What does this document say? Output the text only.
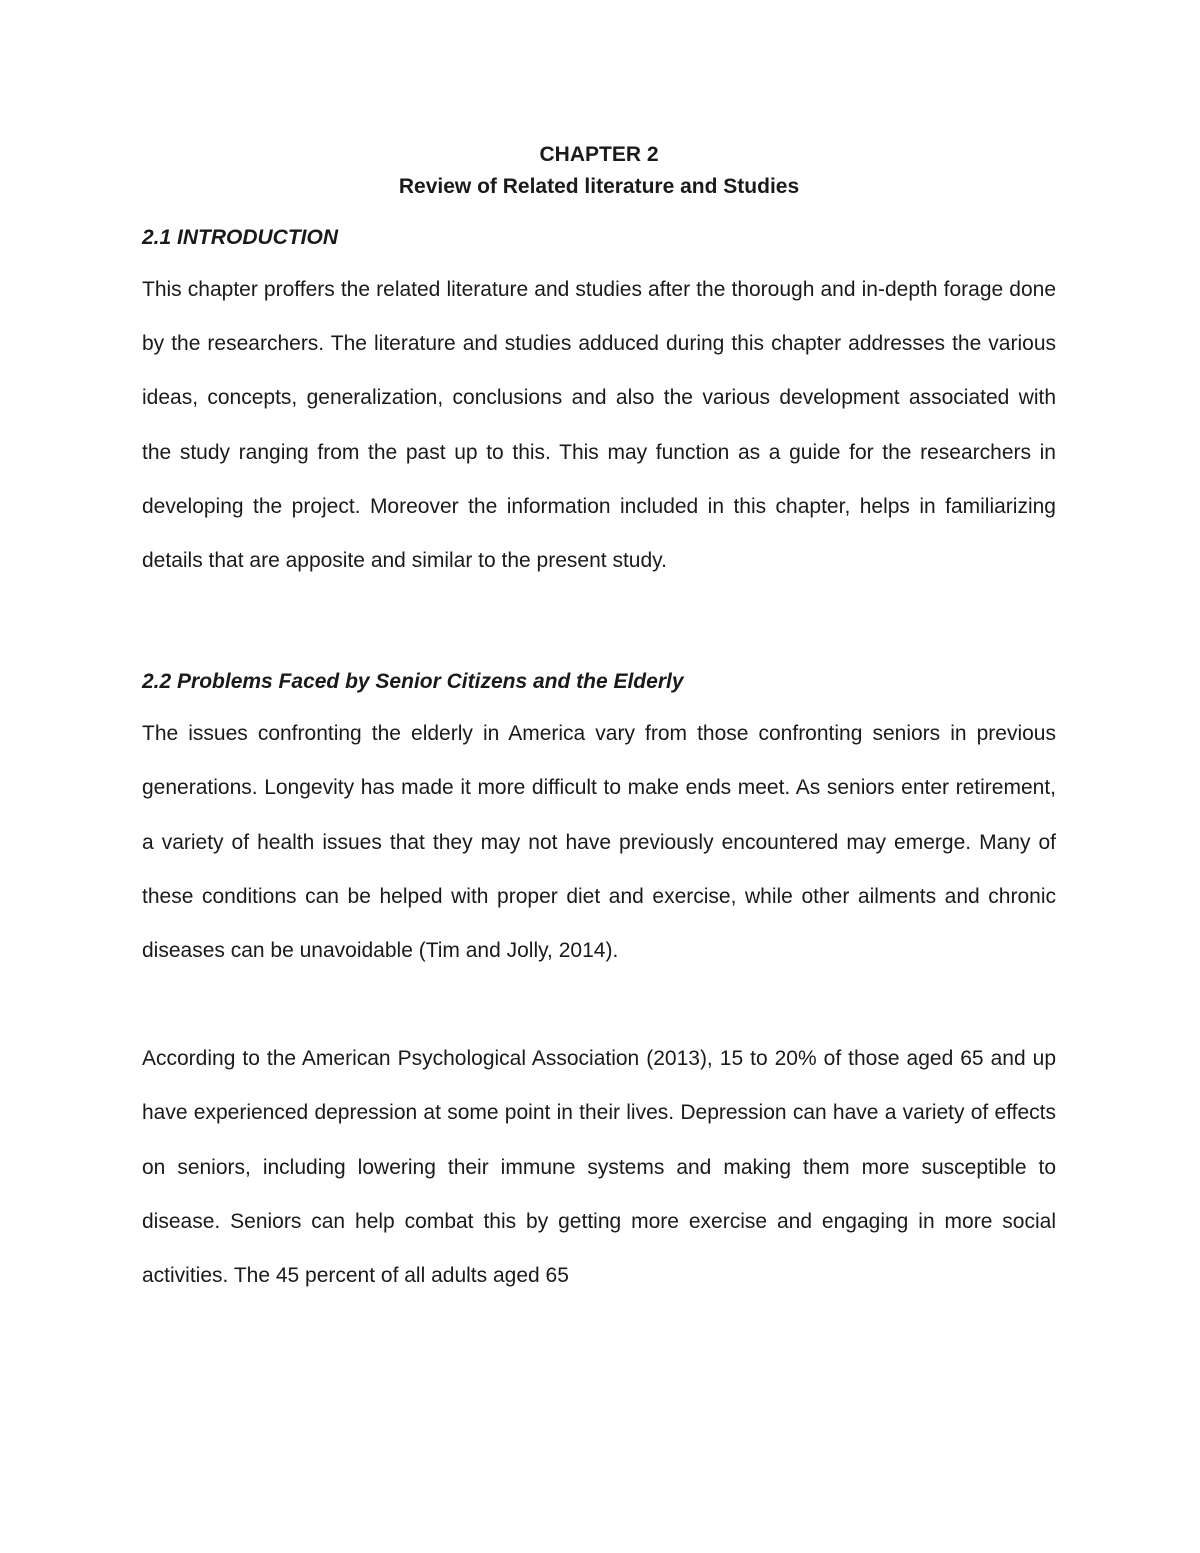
CHAPTER 2
Review of Related literature and Studies
2.1 INTRODUCTION

This chapter proffers the related literature and studies after the thorough and in-depth forage done by the researchers. The literature and studies adduced during this chapter addresses the various ideas, concepts, generalization, conclusions and also the various development associated with the study ranging from the past up to this. This may function as a guide for the researchers in developing the project. Moreover the information included in this chapter, helps in familiarizing details that are apposite and similar to the present study.

2.2 Problems Faced by Senior Citizens and the Elderly

The issues confronting the elderly in America vary from those confronting seniors in previous generations. Longevity has made it more difficult to make ends meet. As seniors enter retirement, a variety of health issues that they may not have previously encountered may emerge. Many of these conditions can be helped with proper diet and exercise, while other ailments and chronic diseases can be unavoidable (Tim and Jolly, 2014).

According to the American Psychological Association (2013), 15 to 20% of those aged 65 and up have experienced depression at some point in their lives. Depression can have a variety of effects on seniors, including lowering their immune systems and making them more susceptible to disease. Seniors can help combat this by getting more exercise and engaging in more social activities. The 45 percent of all adults aged 65
